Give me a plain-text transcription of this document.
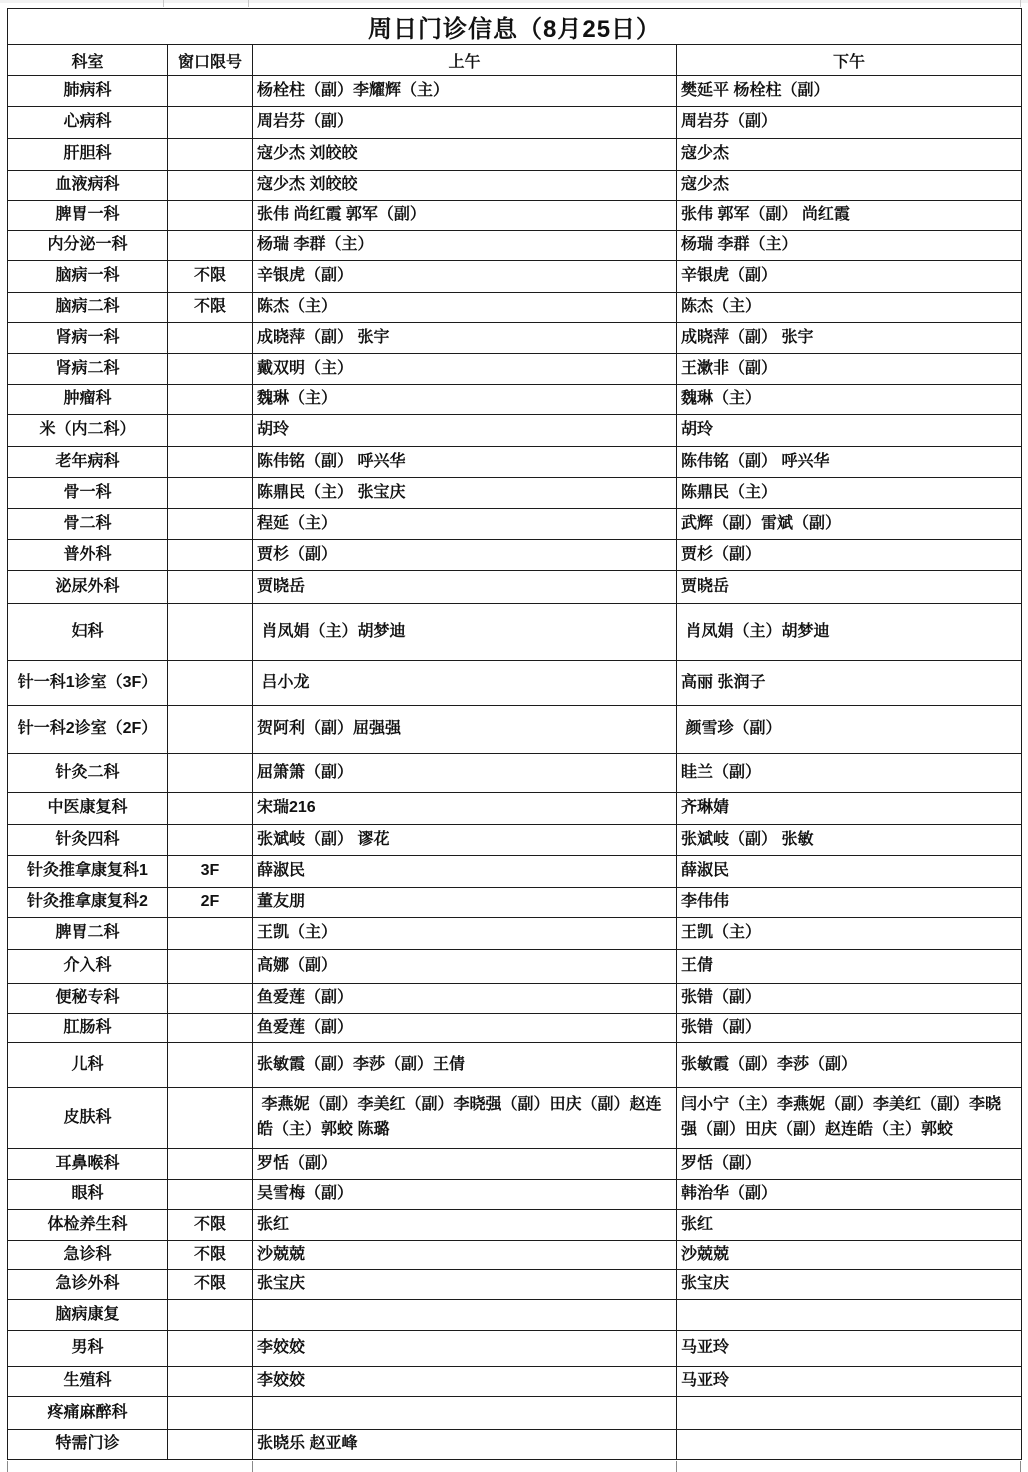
周日门诊信息（8月25日）			
科室	窗口限号	上午	下午
肺病科		杨栓柱（副）李耀辉（主）	樊延平 杨栓柱（副）
心病科		周岩芬（副）	周岩芬（副）
肝胆科		寇少杰 刘皎皎	寇少杰
血液病科		寇少杰 刘皎皎	寇少杰
脾胃一科		张伟 尚红霞 郭军（副）	张伟 郭军（副） 尚红霞
内分泌一科		杨瑞 李群（主）	杨瑞 李群（主）
脑病一科	不限	辛银虎（副）	辛银虎（副）
脑病二科	不限	陈杰（主）	陈杰（主）
肾病一科		成晓萍（副） 张宇	成晓萍（副） 张宇
肾病二科		戴双明（主）	王漱非（副）
肿瘤科		魏琳（主）	魏琳（主）
米（内二科）		胡玲	胡玲
老年病科		陈伟铭（副） 呼兴华	陈伟铭（副） 呼兴华
骨一科		陈鼎民（主） 张宝庆	陈鼎民（主）
骨二科		程延（主）	武辉（副）雷斌（副）
普外科		贾杉（副）	贾杉（副）
泌尿外科		贾晓岳	贾晓岳
妇科		肖凤娟（主）胡梦迪	肖凤娟（主）胡梦迪
针一科1诊室（3F）		吕小龙	高丽 张润子
针一科2诊室（2F）		贺阿利（副）屈强强	颜雪珍（副）
针灸二科		屈箫箫（副）	眭兰（副）
中医康复科		宋瑞216	齐琳婧
针灸四科		张斌岐（副） 谬花	张斌岐（副） 张敏
针灸推拿康复科1	3F	薛淑民	薛淑民
针灸推拿康复科2	2F	董友朋	李伟伟
脾胃二科		王凯（主）	王凯（主）
介入科		高娜（副）	王倩
便秘专科		鱼爱莲（副）	张错（副）
肛肠科		鱼爱莲（副）	张错（副）
儿科		张敏霞（副）李莎（副）王倩	张敏霞（副）李莎（副）
皮肤科		李燕妮（副）李美红（副）李晓强（副）田庆（副）赵连皓（主）郭蛟 陈璐	闫小宁（主）李燕妮（副）李美红（副）李晓强（副）田庆（副）赵连皓（主）郭蛟
耳鼻喉科		罗恬（副）	罗恬（副）
眼科		吴雪梅（副）	韩治华（副）
体检养生科	不限	张红	张红
急诊科	不限	沙兢兢	沙兢兢
急诊外科	不限	张宝庆	张宝庆
脑病康复			
男科		李姣姣	马亚玲
生殖科		李姣姣	马亚玲
疼痛麻醉科			
特需门诊		张晓乐 赵亚峰	
